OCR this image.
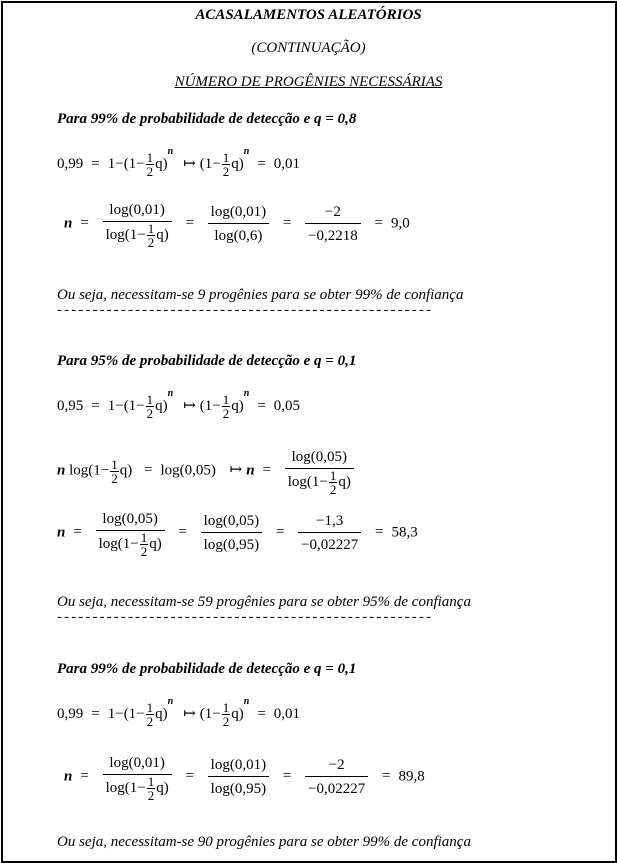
ACASALAMENTOS ALEATÓRIOS
(CONTINUAÇÃO)
NÚMERO DE PROGÊNIES NECESSÁRIAS
Para 99% de probabilidade de detecção e q = 0,8
$0,99 = 1-(1- \frac{1}{2}$ $q)^n↦$ $(1- \frac{1}{2} q)^n= 0,01$
$n = \frac{\log(0,01)}{\log(1- \frac{1}{2} q)} = \frac{\log(0,01)}{\log(0,6)} = \frac{-2}{-0,2218} = 9,0$
Ou seja, necessitam-se 9 progênies para se obter 99% de confiança
-----------------------------------------------------
Para 95% de probabilidade de detecção e q = 0,1
$0,95 = 1-(1- \frac{1}{2}$ $q)^n↦$ $(1- \frac{1}{2} q)^n= 0,05$
n $\log(1- \frac{1}{2} q) = \log(0,05)$ ↦ $n = \frac{\log(0,05)}{\log(1- \frac{1}{2} q)}$
$n = \frac{\log(0,05)}{\log(1- \frac{1}{2} q)} = \frac{\log(0,05)}{\log(0,95)} = \frac{-1,3}{-0,02227} = 58,3$
Ou seja, necessitam-se 59 progênies para se obter 95% de confiança
-----------------------------------------------------
Para 99% de probabilidade de detecção e q = 0,1
$0,99 = 1-(1- \frac{1}{2}$ $q)^n↦$ $(1- \frac{1}{2} q)^n= 0,01$
$n = \frac{\log(0,01)}{\log(1- \frac{1}{2} q)} = \frac{\log(0,01)}{\log(0,95)} = \frac{-2}{-0,02227} = 89,8$
Ou seja, necessitam-se 90 progênies para se obter 99% de confiança
